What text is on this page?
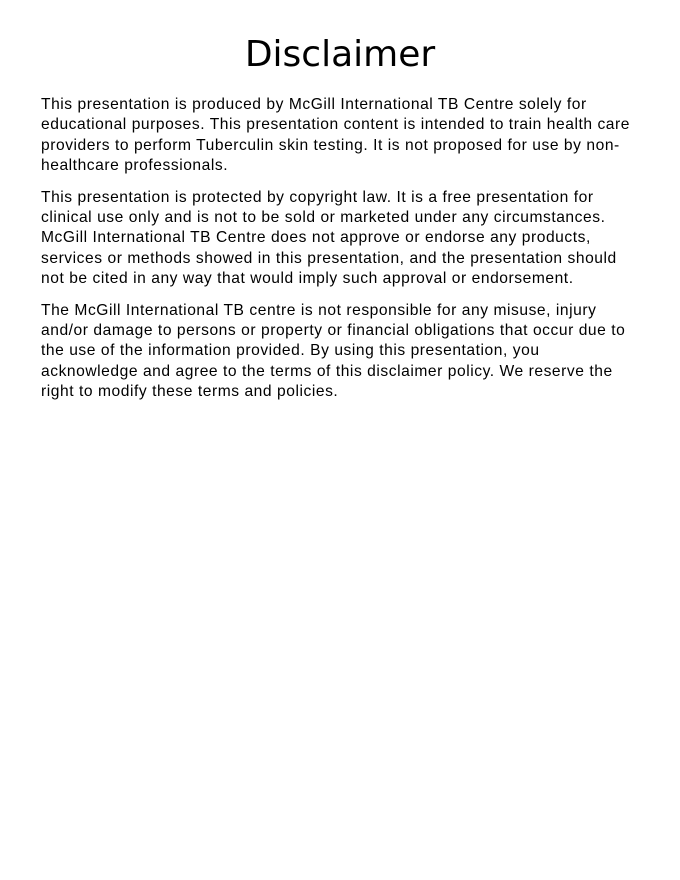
Disclaimer

This presentation is produced by McGill International TB Centre solely for educational purposes. This presentation content is intended to train health care providers to perform Tuberculin skin testing. It is not proposed for use by non-healthcare professionals.

This presentation is protected by copyright law. It is a free presentation for clinical use only and is not to be sold or marketed under any circumstances. McGill International TB Centre does not approve or endorse any products, services or methods showed in this presentation, and the presentation should not be cited in any way that would imply such approval or endorsement.

The McGill International TB centre is not responsible for any misuse, injury and/or damage to persons or property or financial obligations that occur due to the use of the information provided. By using this presentation, you acknowledge and agree to the terms of this disclaimer policy. We reserve the right to modify these terms and policies.
